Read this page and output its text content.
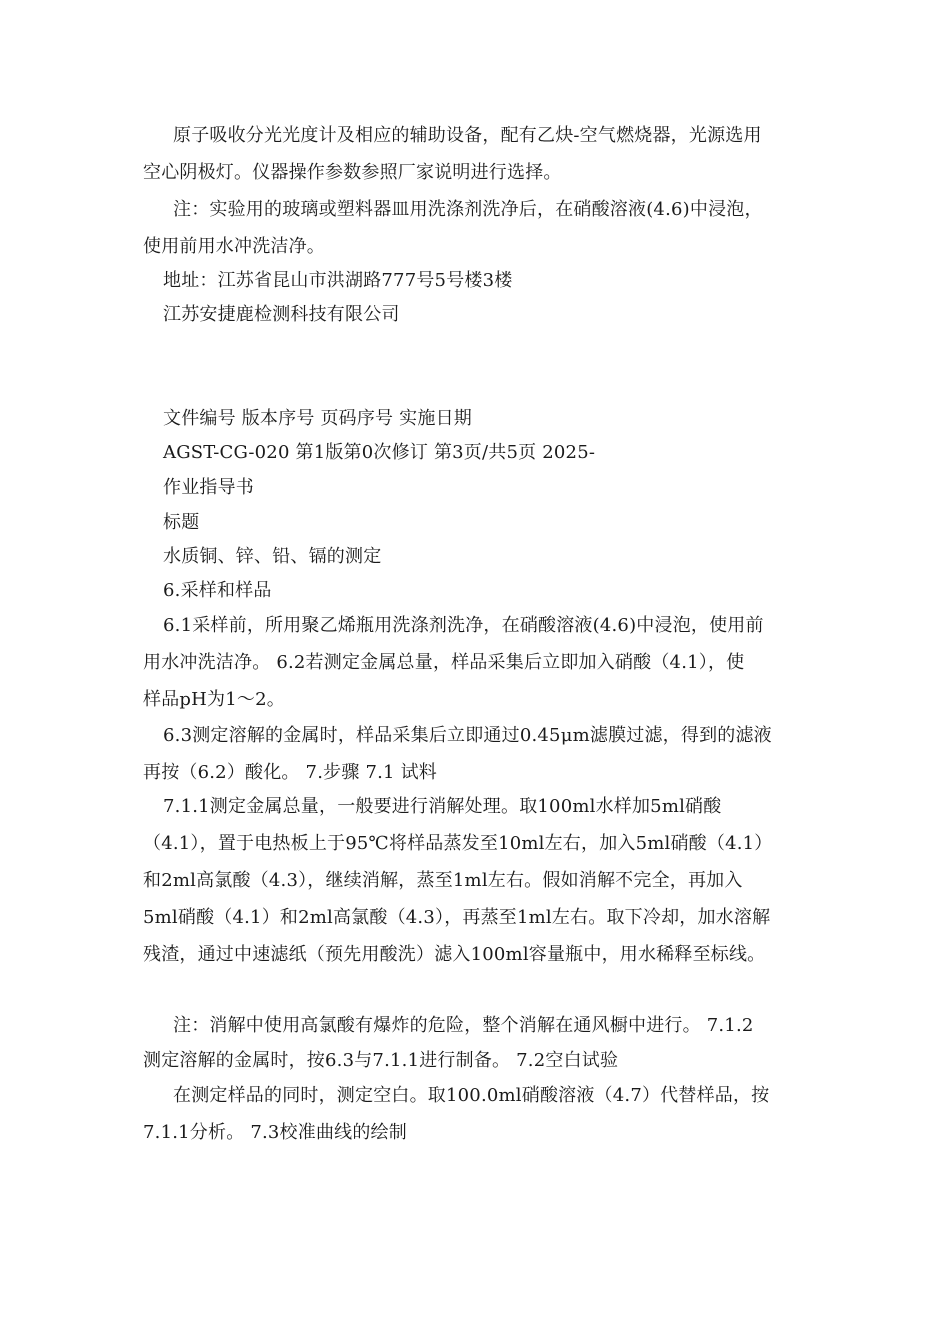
原子吸收分光光度计及相应的辅助设备，配有乙炔-空气燃烧器，光源选用
空心阴极灯。仪器操作参数参照厂家说明进行选择。
注：实验用的玻璃或塑料器皿用洗涤剂洗净后，在硝酸溶液(4.6)中浸泡，
使用前用水冲洗洁净。
地址：江苏省昆山市洪湖路777号5号楼3楼
江苏安捷鹿检测科技有限公司
文件编号 版本序号 页码序号 实施日期
AGST-CG-020 第1版第0次修订 第3页/共5页 2025-
作业指导书
标题
水质铜、锌、铅、镉的测定
6.采样和样品
6.1采样前，所用聚乙烯瓶用洗涤剂洗净，在硝酸溶液(4.6)中浸泡，使用前
用水冲洗洁净。 6.2若测定金属总量，样品采集后立即加入硝酸（4.1），使
样品pH为1～2。
6.3测定溶解的金属时，样品采集后立即通过0.45μm滤膜过滤，得到的滤液
再按（6.2）酸化。 7.步骤 7.1 试料
7.1.1测定金属总量，一般要进行消解处理。取100ml水样加5ml硝酸
（4.1），置于电热板上于95℃将样品蒸发至10ml左右，加入5ml硝酸（4.1）
和2ml高氯酸（4.3），继续消解，蒸至1ml左右。假如消解不完全，再加入
5ml硝酸（4.1）和2ml高氯酸（4.3），再蒸至1ml左右。取下冷却，加水溶解
残渣，通过中速滤纸（预先用酸洗）滤入100ml容量瓶中，用水稀释至标线。
注：消解中使用高氯酸有爆炸的危险，整个消解在通风橱中进行。 7.1.2
测定溶解的金属时，按6.3与7.1.1进行制备。 7.2空白试验
在测定样品的同时，测定空白。取100.0ml硝酸溶液（4.7）代替样品，按
7.1.1分析。 7.3校准曲线的绘制
